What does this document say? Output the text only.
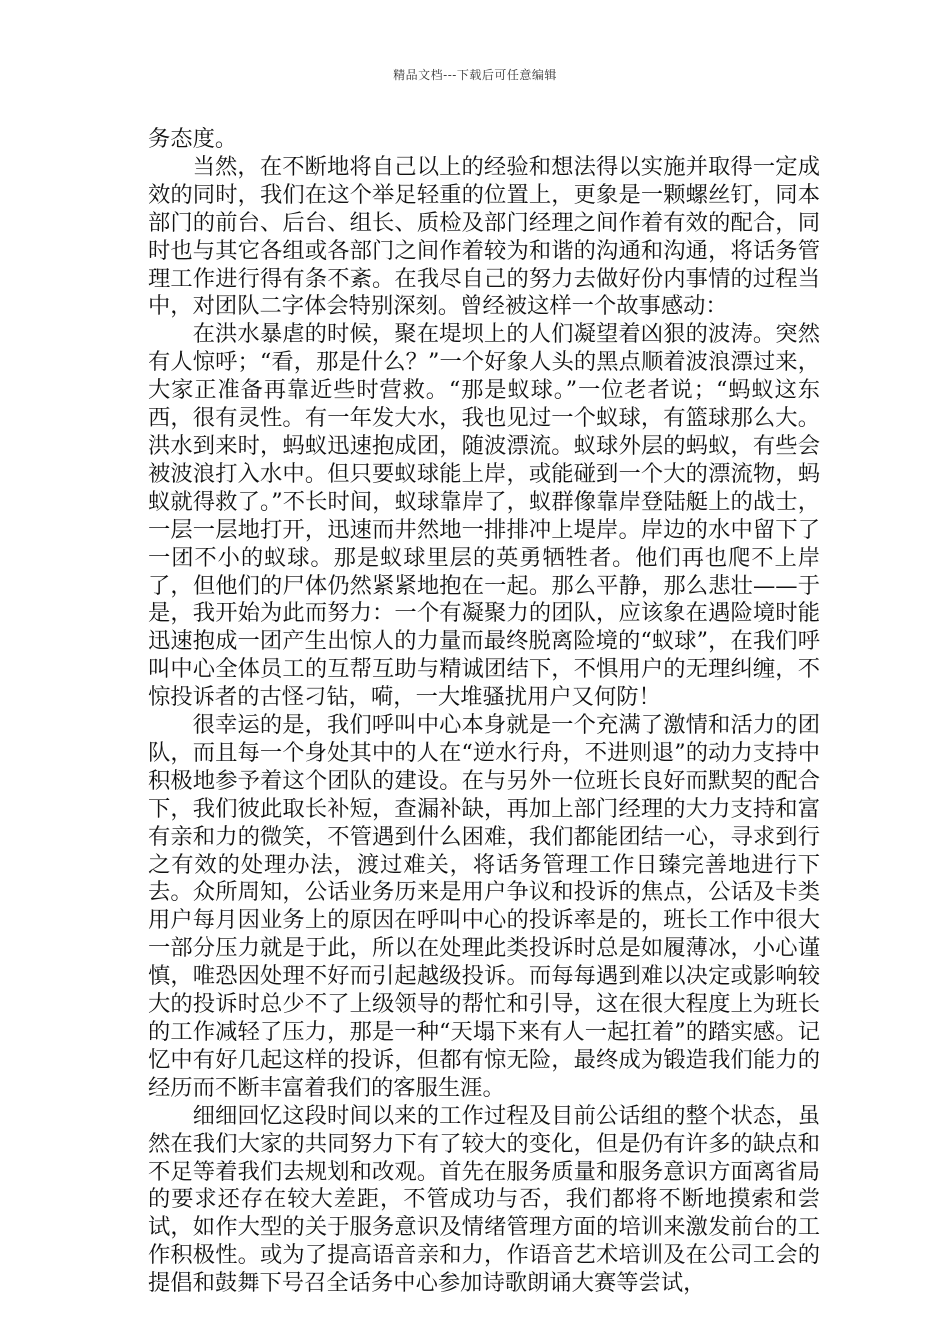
精品文档---下载后可任意编辑

务态度。

当然，在不断地将自己以上的经验和想法得以实施并取得一定成效的同时，我们在这个举足轻重的位置上，更象是一颗螺丝钉，同本部门的前台、后台、组长、质检及部门经理之间作着有效的配合，同时也与其它各组或各部门之间作着较为和谐的沟通和沟通，将话务管理工作进行得有条不紊。在我尽自己的努力去做好份内事情的过程当中，对团队二字体会特别深刻。曾经被这样一个故事感动：

在洪水暴虐的时候，聚在堤坝上的人们凝望着凶狠的波涛。突然有人惊呼；“看，那是什么？”一个好象人头的黑点顺着波浪漂过来，大家正准备再靠近些时营救。“那是蚁球。”一位老者说；“蚂蚁这东西，很有灵性。有一年发大水，我也见过一个蚁球，有篮球那么大。洪水到来时，蚂蚁迅速抱成团，随波漂流。蚁球外层的蚂蚁，有些会被波浪打入水中。但只要蚁球能上岸，或能碰到一个大的漂流物，蚂蚁就得救了。”不长时间，蚁球靠岸了，蚁群像靠岸登陆艇上的战士，一层一层地打开，迅速而井然地一排排冲上堤岸。岸边的水中留下了一团不小的蚁球。那是蚁球里层的英勇牺牲者。他们再也爬不上岸了，但他们的尸体仍然紧紧地抱在一起。那么平静，那么悲壮——于是，我开始为此而努力：一个有凝聚力的团队，应该象在遇险境时能迅速抱成一团产生出惊人的力量而最终脱离险境的“蚁球”，在我们呼叫中心全体员工的互帮互助与精诚团结下，不惧用户的无理纠缠，不惊投诉者的古怪刁钻，嗬，一大堆骚扰用户又何防！

很幸运的是，我们呼叫中心本身就是一个充满了激情和活力的团队，而且每一个身处其中的人在“逆水行舟，不进则退”的动力支持中积极地参予着这个团队的建设。在与另外一位班长良好而默契的配合下，我们彼此取长补短，查漏补缺，再加上部门经理的大力支持和富有亲和力的微笑，不管遇到什么困难，我们都能团结一心，寻求到行之有效的处理办法，渡过难关，将话务管理工作日臻完善地进行下去。众所周知，公话业务历来是用户争议和投诉的焦点，公话及卡类用户每月因业务上的原因在呼叫中心的投诉率是的，班长工作中很大一部分压力就是于此，所以在处理此类投诉时总是如履薄冰，小心谨慎，唯恐因处理不好而引起越级投诉。而每每遇到难以决定或影响较大的投诉时总少不了上级领导的帮忙和引导，这在很大程度上为班长的工作减轻了压力，那是一种“天塌下来有人一起扛着”的踏实感。记忆中有好几起这样的投诉，但都有惊无险，最终成为锻造我们能力的经历而不断丰富着我们的客服生涯。

细细回忆这段时间以来的工作过程及目前公话组的整个状态，虽然在我们大家的共同努力下有了较大的变化，但是仍有许多的缺点和不足等着我们去规划和改观。首先在服务质量和服务意识方面离省局的要求还存在较大差距，不管成功与否，我们都将不断地摸索和尝试，如作大型的关于服务意识及情绪管理方面的培训来激发前台的工作积极性。或为了提高语音亲和力，作语音艺术培训及在公司工会的提倡和鼓舞下号召全话务中心参加诗歌朗诵大赛等尝试，
